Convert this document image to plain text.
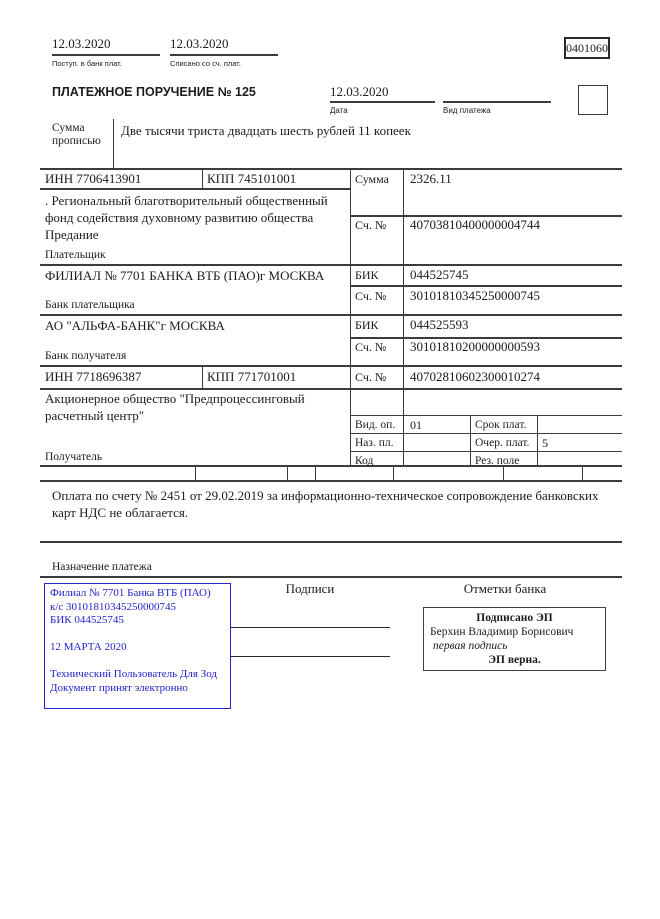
12.03.2020
Поступ. в банк плат.
12.03.2020
Списано со сч. плат.
0401060
ПЛАТЕЖНОЕ ПОРУЧЕНИЕ № 125	12.03.2020
Дата	Вид платежа
Сумма прописью
Две тысячи триста двадцать шесть рублей 11 копеек
ИНН 7706413901	КПП 745101001
. Региональный благотворительный общественный фонд содействия духовному развитию общества Предание
Плательщик
ФИЛИАЛ № 7701 БАНКА ВТБ (ПАО)г МОСКВА
Банк плательщика
АО "АЛЬФА-БАНК"г МОСКВА
Банк получателя
ИНН 7718696387	КПП 771701001
Акционерное общество "Предпроцессинговый расчетный центр"
Получатель
Сумма 2326.11
Сч. № 40703810400000004744
БИК 044525745
Сч. № 30101810345250000745
БИК 044525593
Сч. № 30101810200000000593
Сч. № 40702810602300010274
Вид. оп. 01	Срок плат.
Наз. пл.	Очер. плат. 5
Код	Рез. поле
Оплата по счету № 2451 от 29.02.2019 за информационно-техническое сопровождение банковских карт НДС не облагается.
Назначение платежа
Филиал № 7701 Банка ВТБ (ПАО)
к/с 30101810345250000745
БИК 044525745
12 МАРТА 2020
Технический Пользователь Для Зод
Документ принят электронно
Подписи	Отметки банка
Подписано ЭП
Берхин Владимир Борисович
первая подпись
ЭП верна.
